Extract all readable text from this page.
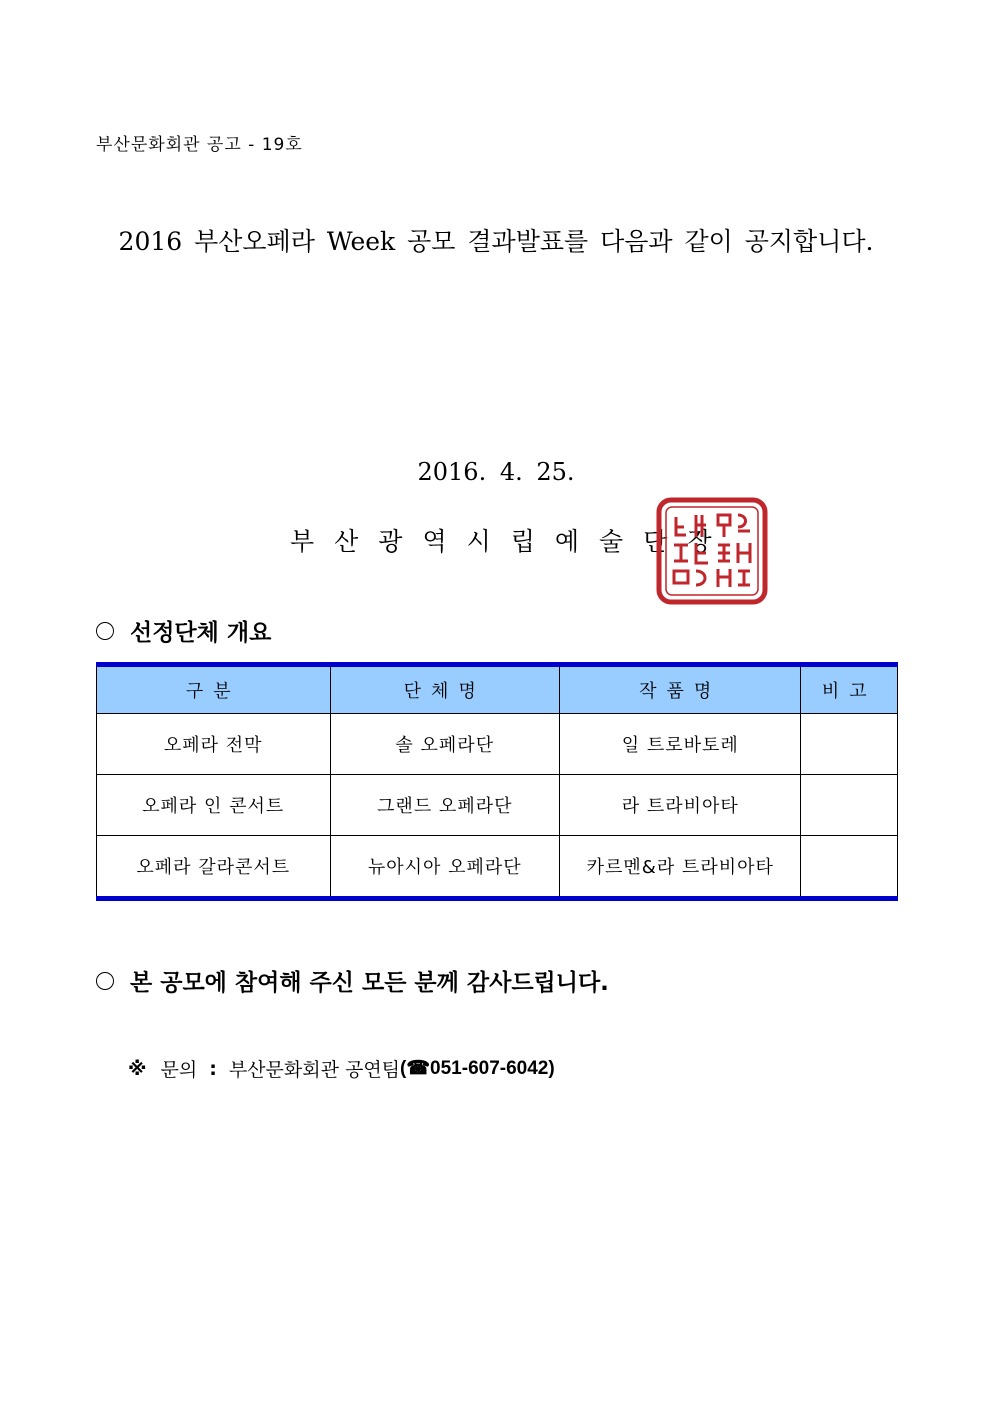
부산문화회관 공고 - 19호
2016 부산오페라 Week 공모 결과발표를 다음과 같이 공지합니다.
2016. 4. 25.
부산광역시립예술단장
선정단체 개요
구분	단체명	작품명	비고
오페라 전막	솔 오페라단	일 트로바토레	
오페라 인 콘서트	그랜드 오페라단	라 트라비아타	
오페라 갈라콘서트	뉴아시아 오페라단	카르멘&라 트라비아타	
본 공모에 참여해 주신 모든 분께 감사드립니다.
※ 문의 : 부산문화회관 공연팀 (☎051-607-6042)
